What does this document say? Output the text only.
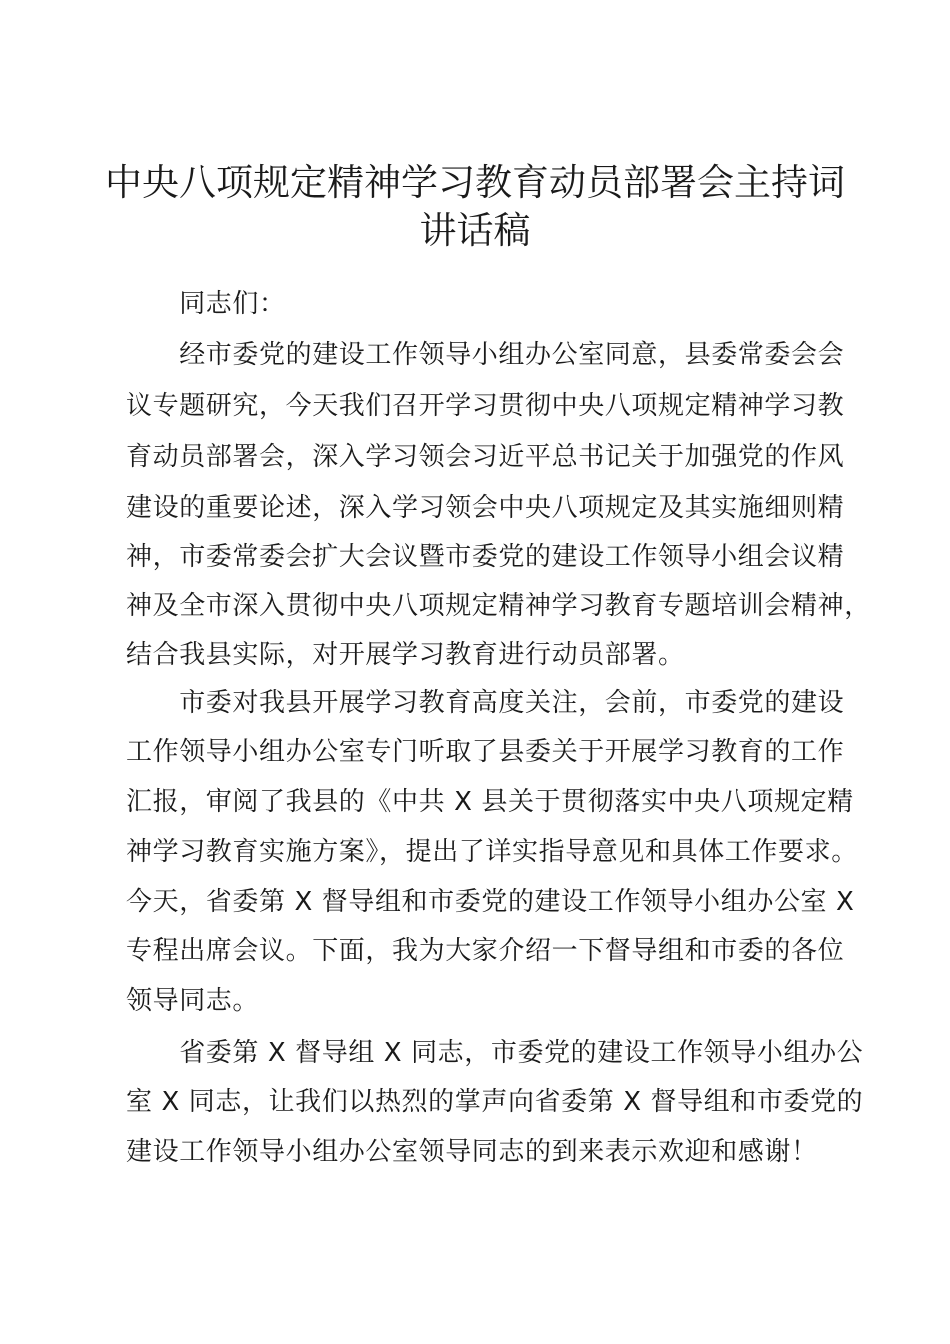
中央八项规定精神学习教育动员部署会主持词
讲话稿

　　同志们：

　　经市委党的建设工作领导小组办公室同意，县委常委会会

议专题研究，今天我们召开学习贯彻中央八项规定精神学习教

育动员部署会，深入学习领会习近平总书记关于加强党的作风

建设的重要论述，深入学习领会中央八项规定及其实施细则精

神，市委常委会扩大会议暨市委党的建设工作领导小组会议精

神及全市深入贯彻中央八项规定精神学习教育专题培训会精神，

结合我县实际，对开展学习教育进行动员部署。

　　市委对我县开展学习教育高度关注，会前，市委党的建设

工作领导小组办公室专门听取了县委关于开展学习教育的工作

汇报，审阅了我县的《中共 X 县关于贯彻落实中央八项规定精

神学习教育实施方案》，提出了详实指导意见和具体工作要求。

今天，省委第 X 督导组和市委党的建设工作领导小组办公室 X

专程出席会议。下面，我为大家介绍一下督导组和市委的各位

领导同志。

　　省委第 X 督导组 X 同志，市委党的建设工作领导小组办公

室 X 同志，让我们以热烈的掌声向省委第 X 督导组和市委党的

建设工作领导小组办公室领导同志的到来表示欢迎和感谢！
